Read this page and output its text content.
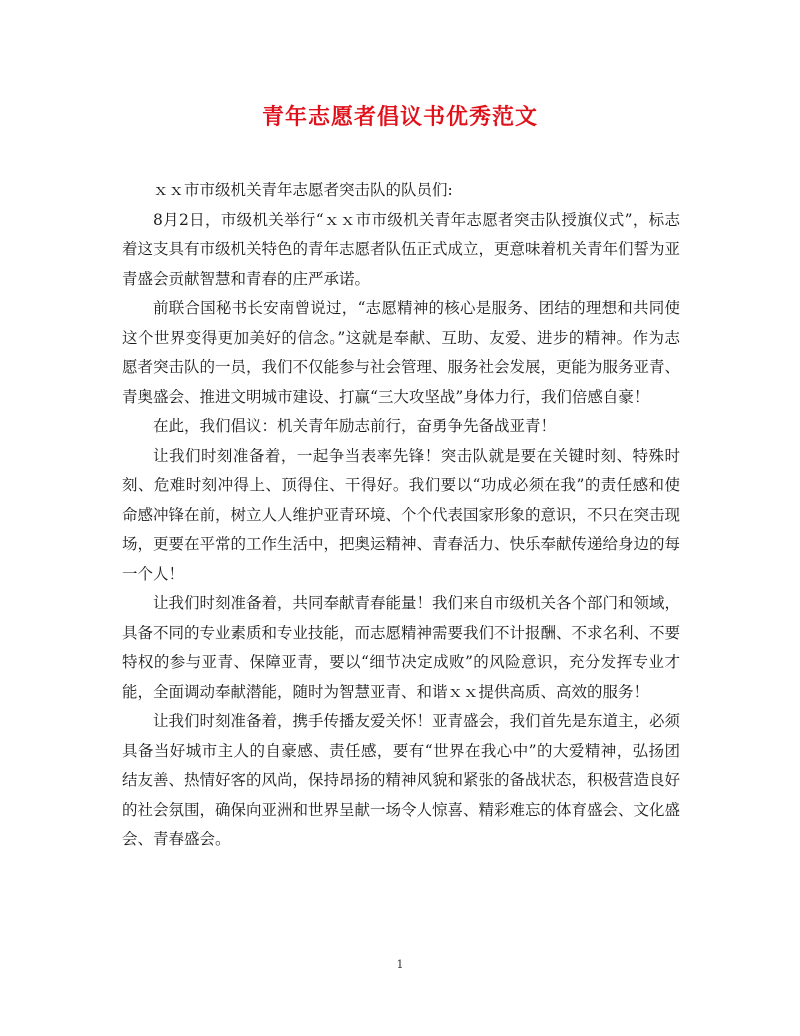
青年志愿者倡议书优秀范文

ｘｘ市市级机关青年志愿者突击队的队员们:

8月2日，市级机关举行“ｘｘ市市级机关青年志愿者突击队授旗仪式”，标志着这支具有市级机关特色的青年志愿者队伍正式成立，更意味着机关青年们誓为亚青盛会贡献智慧和青春的庄严承诺。

前联合国秘书长安南曾说过，“志愿精神的核心是服务、团结的理想和共同使这个世界变得更加美好的信念。”这就是奉献、互助、友爱、进步的精神。作为志愿者突击队的一员，我们不仅能参与社会管理、服务社会发展，更能为服务亚青、青奥盛会、推进文明城市建设、打赢“三大攻坚战”身体力行，我们倍感自豪！

在此，我们倡议：机关青年励志前行，奋勇争先备战亚青！

让我们时刻准备着，一起争当表率先锋！突击队就是要在关键时刻、特殊时刻、危难时刻冲得上、顶得住、干得好。我们要以“功成必须在我”的责任感和使命感冲锋在前，树立人人维护亚青环境、个个代表国家形象的意识，不只在突击现场，更要在平常的工作生活中，把奥运精神、青春活力、快乐奉献传递给身边的每一个人！

让我们时刻准备着，共同奉献青春能量！我们来自市级机关各个部门和领域，具备不同的专业素质和专业技能，而志愿精神需要我们不计报酬、不求名利、不要特权的参与亚青、保障亚青，要以“细节决定成败”的风险意识，充分发挥专业才能，全面调动奉献潜能，随时为智慧亚青、和谐ｘｘ提供高质、高效的服务！

让我们时刻准备着，携手传播友爱关怀！亚青盛会，我们首先是东道主，必须具备当好城市主人的自豪感、责任感，要有“世界在我心中”的大爱精神，弘扬团结友善、热情好客的风尚，保持昂扬的精神风貌和紧张的备战状态，积极营造良好的社会氛围，确保向亚洲和世界呈献一场令人惊喜、精彩难忘的体育盛会、文化盛会、青春盛会。

1
